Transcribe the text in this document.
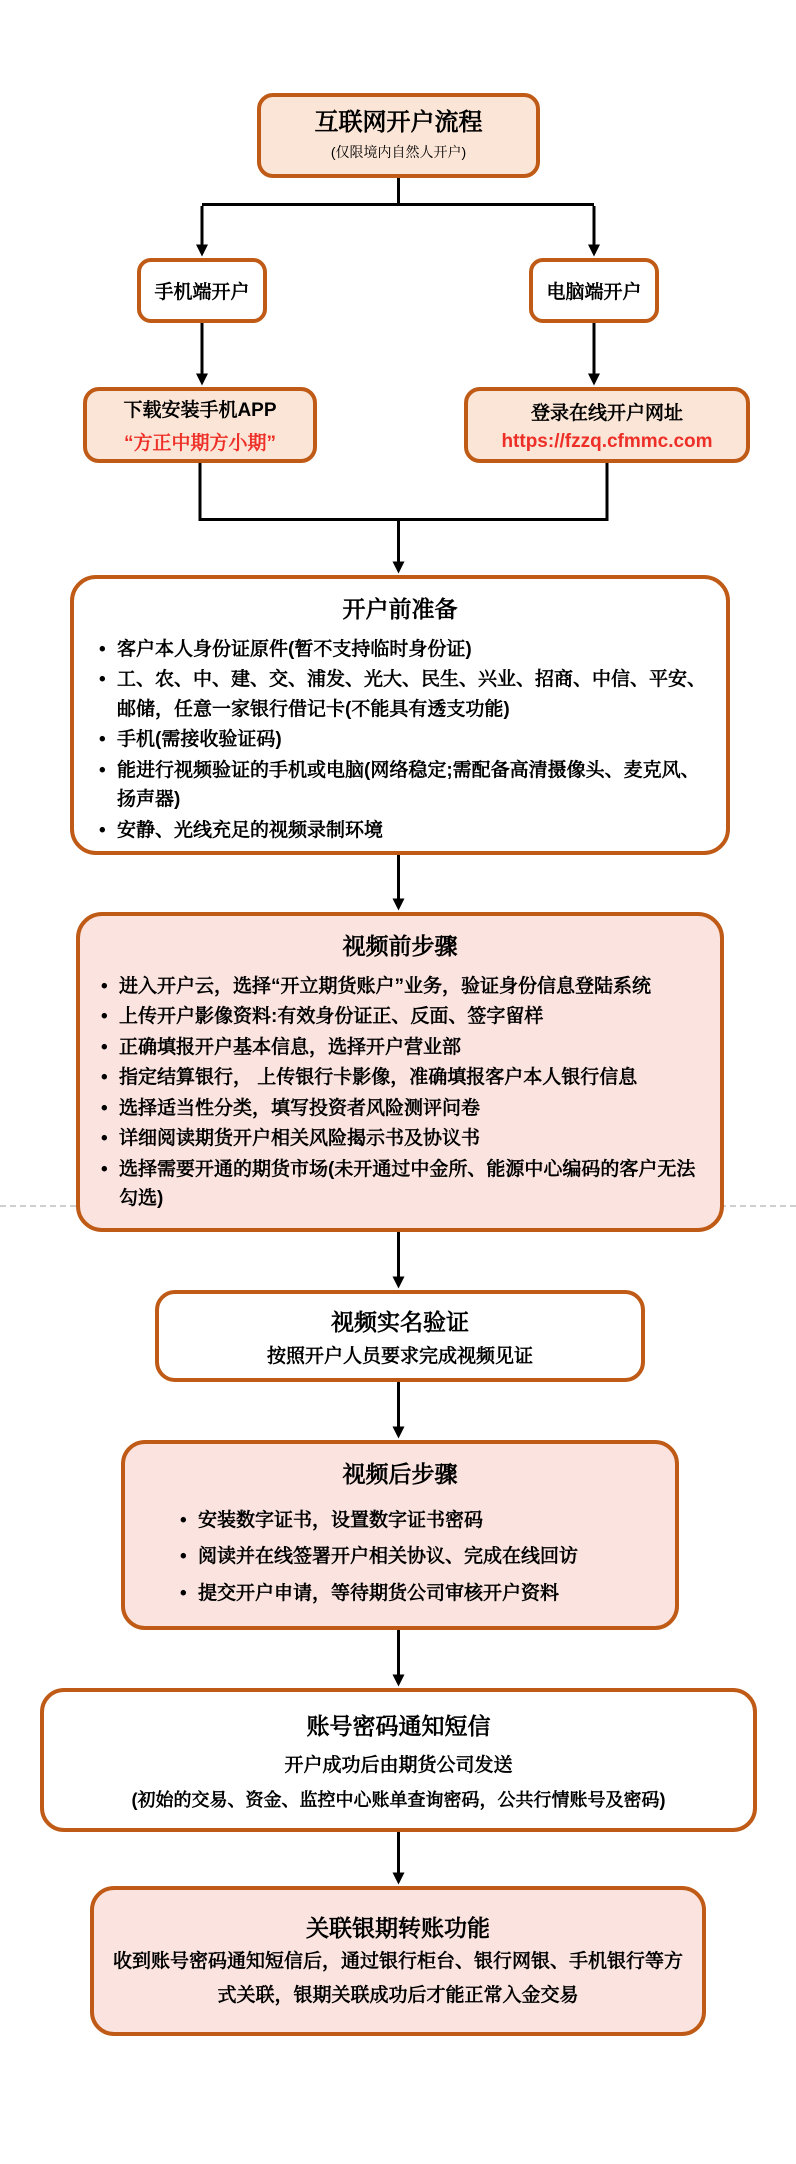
互联网开户流程
(仅限境内自然人开户)
手机端开户	电脑端开户
下载安装手机APP
“方正中期方小期”
登录在线开户网址
https://fzzq.cfmmc.com
开户前准备
• 客户本人身份证原件(暂不支持临时身份证)
• 工、农、中、建、交、浦发、光大、民生、兴业、招商、中信、平安、邮储，任意一家银行借记卡(不能具有透支功能)
• 手机(需接收验证码)
• 能进行视频验证的手机或电脑(网络稳定;需配备高清摄像头、麦克风、扬声器)
• 安静、光线充足的视频录制环境
视频前步骤
• 进入开户云，选择“开立期货账户”业务，验证身份信息登陆系统
• 上传开户影像资料:有效身份证正、反面、签字留样
• 正确填报开户基本信息，选择开户营业部
• 指定结算银行， 上传银行卡影像，准确填报客户本人银行信息
• 选择适当性分类，填写投资者风险测评问卷
• 详细阅读期货开户相关风险揭示书及协议书
• 选择需要开通的期货市场(未开通过中金所、能源中心编码的客户无法勾选)
视频实名验证
按照开户人员要求完成视频见证
视频后步骤
• 安装数字证书，设置数字证书密码
• 阅读并在线签署开户相关协议、完成在线回访
• 提交开户申请，等待期货公司审核开户资料
账号密码通知短信
开户成功后由期货公司发送
(初始的交易、资金、监控中心账单查询密码，公共行情账号及密码)
关联银期转账功能
收到账号密码通知短信后，通过银行柜台、银行网银、手机银行等方式关联，银期关联成功后才能正常入金交易
